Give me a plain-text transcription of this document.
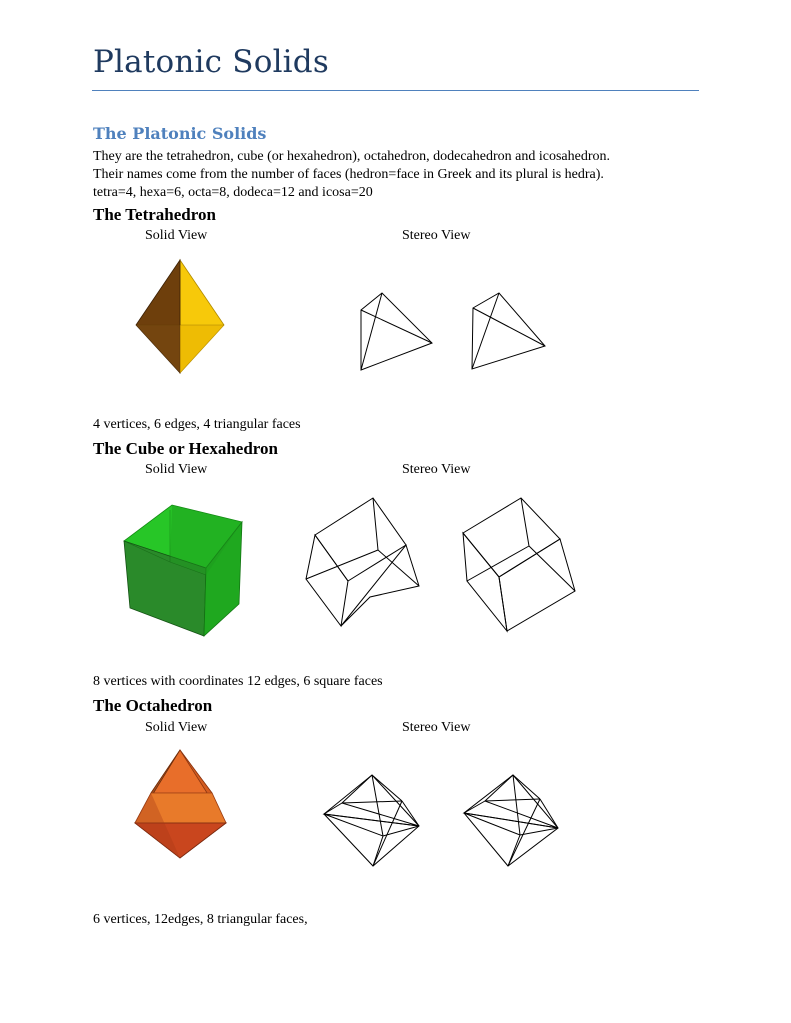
Platonic Solids
The Platonic Solids

They are the tetrahedron, cube (or hexahedron), octahedron, dodecahedron and icosahedron.

Their names come from the number of faces (hedron=face in Greek and its plural is hedra).

tetra=4, hexa=6, octa=8, dodeca=12 and icosa=20

The Tetrahedron
Solid View	Stereo View
4 vertices, 6 edges, 4 triangular faces
The Cube or Hexahedron
Solid View	Stereo View
8 vertices with coordinates 12 edges, 6 square faces
The Octahedron
Solid View	Stereo View
6 vertices, 12edges, 8 triangular faces,
